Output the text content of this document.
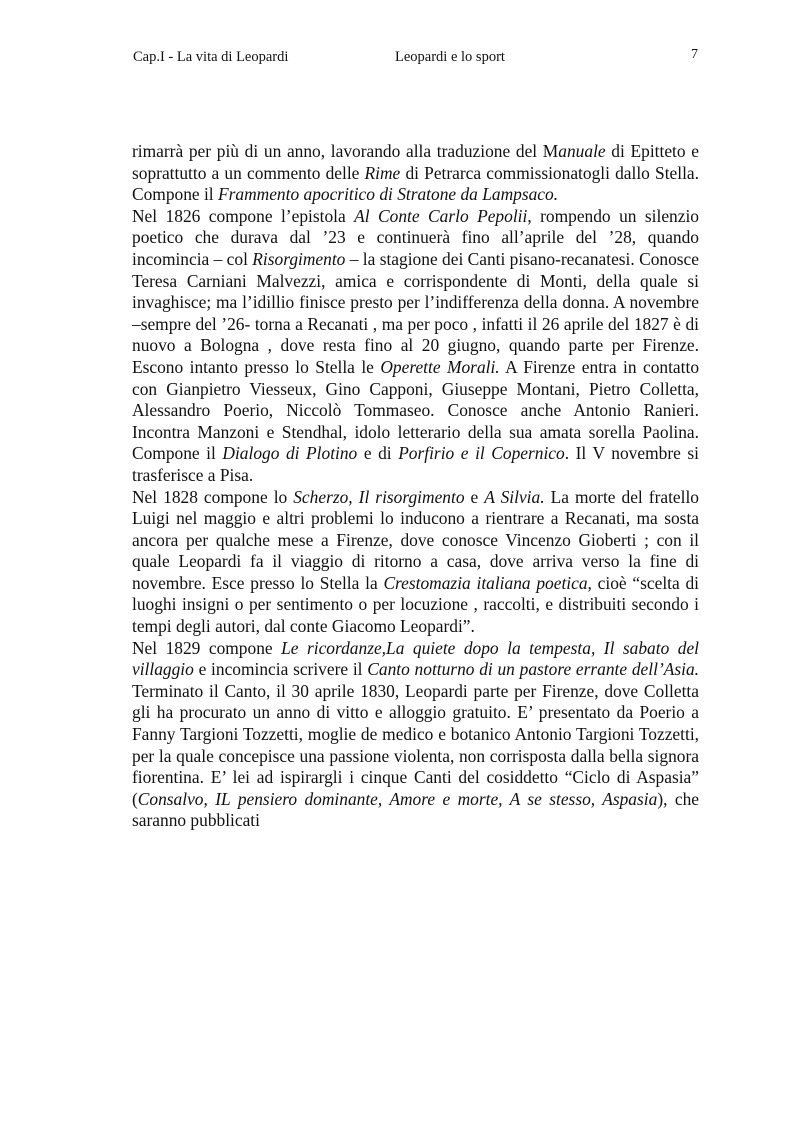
Cap.I - La vita di Leopardi	Leopardi e lo sport	7

rimarrà per più di un anno, lavorando alla traduzione del Manuale di Epitteto e soprattutto a un commento delle Rime di Petrarca commissionatogli dallo Stella. Compone il Frammento apocritico di Stratone da Lampsaco.

Nel 1826 compone l’epistola Al Conte Carlo Pepolii, rompendo un silenzio poetico che durava dal ’23 e continuerà fino all’aprile del ’28, quando incomincia – col Risorgimento – la stagione dei Canti pisano-recanatesi. Conosce Teresa Carniani Malvezzi, amica e corrispondente di Monti, della quale si invaghisce; ma l’idillio finisce presto per l’indifferenza della donna. A novembre –sempre del ’26- torna a Recanati , ma per poco , infatti il 26 aprile del 1827 è di nuovo a Bologna , dove resta fino al 20 giugno, quando parte per Firenze. Escono intanto presso lo Stella le Operette Morali. A Firenze entra in contatto con Gianpietro Viesseux, Gino Capponi, Giuseppe Montani, Pietro Colletta, Alessandro Poerio, Niccolò Tommaseo. Conosce anche Antonio Ranieri. Incontra Manzoni e Stendhal, idolo letterario della sua amata sorella Paolina. Compone il Dialogo di Plotino e di Porfirio e il Copernico. Il V novembre si trasferisce a Pisa.

Nel 1828 compone lo Scherzo, Il risorgimento e A Silvia. La morte del fratello Luigi nel maggio e altri problemi lo inducono a rientrare a Recanati, ma sosta ancora per qualche mese a Firenze, dove conosce Vincenzo Gioberti ; con il quale Leopardi fa il viaggio di ritorno a casa, dove arriva verso la fine di novembre. Esce presso lo Stella la Crestomazia italiana poetica, cioè “scelta di luoghi insigni o per sentimento o per locuzione , raccolti, e distribuiti secondo i tempi degli autori, dal conte Giacomo Leopardi”.

Nel 1829 compone Le ricordanze,La quiete dopo la tempesta, Il sabato del villaggio e incomincia scrivere il Canto notturno di un pastore errante dell’Asia. Terminato il Canto, il 30 aprile 1830, Leopardi parte per Firenze, dove Colletta gli ha procurato un anno di vitto e alloggio gratuito. E’ presentato da Poerio a Fanny Targioni Tozzetti, moglie de medico e botanico Antonio Targioni Tozzetti, per la quale concepisce una passione violenta, non corrisposta dalla bella signora fiorentina. E’ lei ad ispirargli i cinque Canti del cosiddetto “Ciclo di Aspasia” (Consalvo, IL pensiero dominante, Amore e morte, A se stesso, Aspasia), che saranno pubblicati
